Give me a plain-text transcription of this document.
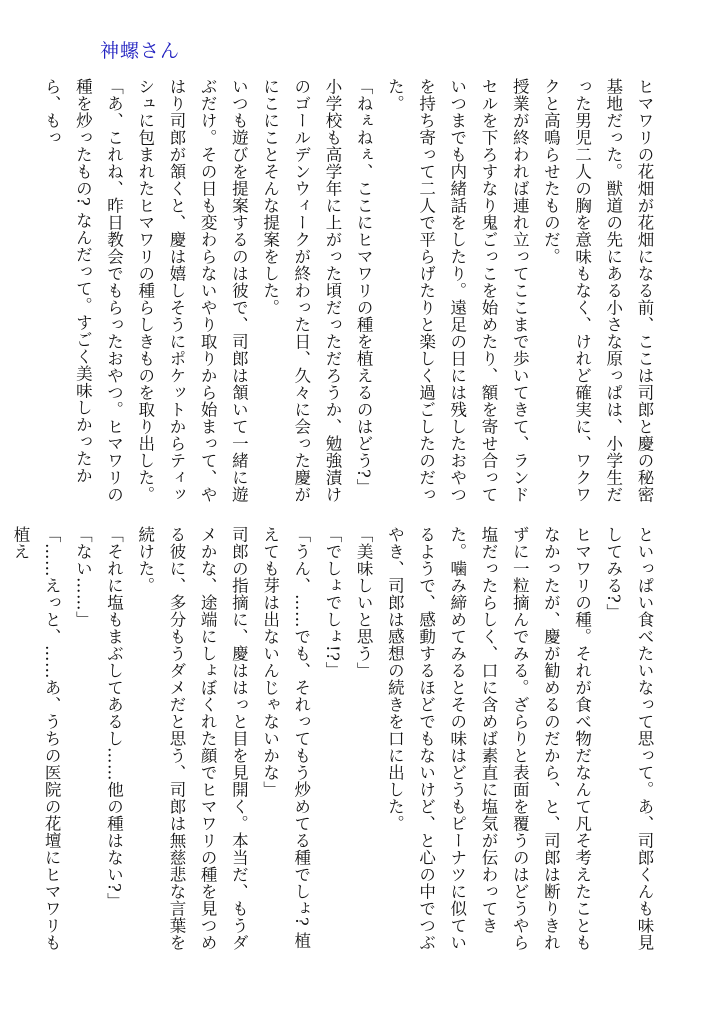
神螺さん

ヒマワリの花畑が花畑になる前、ここは司郎と慶の秘密基地だった。獣道の先にある小さな原っぱは、小学生だった男児二人の胸を意味もなく、けれど確実に、ワクワクと高鳴らせたものだ。

授業が終われば連れ立ってここまで歩いてきて、ランドセルを下ろすなり鬼ごっこを始めたり、額を寄せ合っていつまでも内緒話をしたり。遠足の日には残したおやつを持ち寄って二人で平らげたりと楽しく過ごしたのだった。

「ねぇねぇ、ここにヒマワリの種を植えるのはどう?」

小学校も高学年に上がった頃だっただろうか、勉強漬けのゴールデンウィークが終わった日、久々に会った慶がにこにことそんな提案をした。

いつも遊びを提案するのは彼で、司郎は頷いて一緒に遊ぶだけ。その日も変わらないやり取りから始まって、やはり司郎が頷くと、慶は嬉しそうにポケットからティッシュに包まれたヒマワリの種らしきものを取り出した。

「あ、これね、昨日教会でもらったおやつ。ヒマワリの種を炒ったもの? なんだって。すごく美味しかったから、もっ

といっぱい食べたいなって思って。あ、司郎くんも味見してみる?」

ヒマワリの種。それが食べ物だなんて凡そ考えたこともなかったが、慶が勧めるのだから、と、司郎は断りきれずに一粒摘んでみる。ざらりと表面を覆うのはどうやら塩だったらしく、口に含めば素直に塩気が伝わってきた。噛み締めてみるとその味はどうもピーナツに似ているようで、感動するほどでもないけど、と心の中でつぶやき、司郎は感想の続きを口に出した。

「美味しいと思う」

「でしょでしょ!?」

「うん、……でも、それってもう炒めてる種でしょ? 植えても芽は出ないんじゃないかな」

司郎の指摘に、慶ははっと目を見開く。本当だ、もうダメかな、途端にしょぼくれた顔でヒマワリの種を見つめる彼に、多分もうダメだと思う、司郎は無慈悲な言葉を続けた。

「それに塩もまぶしてあるし……他の種はない?」

「ない……」

「……えっと、……あ、うちの医院の花壇にヒマワリも植え
